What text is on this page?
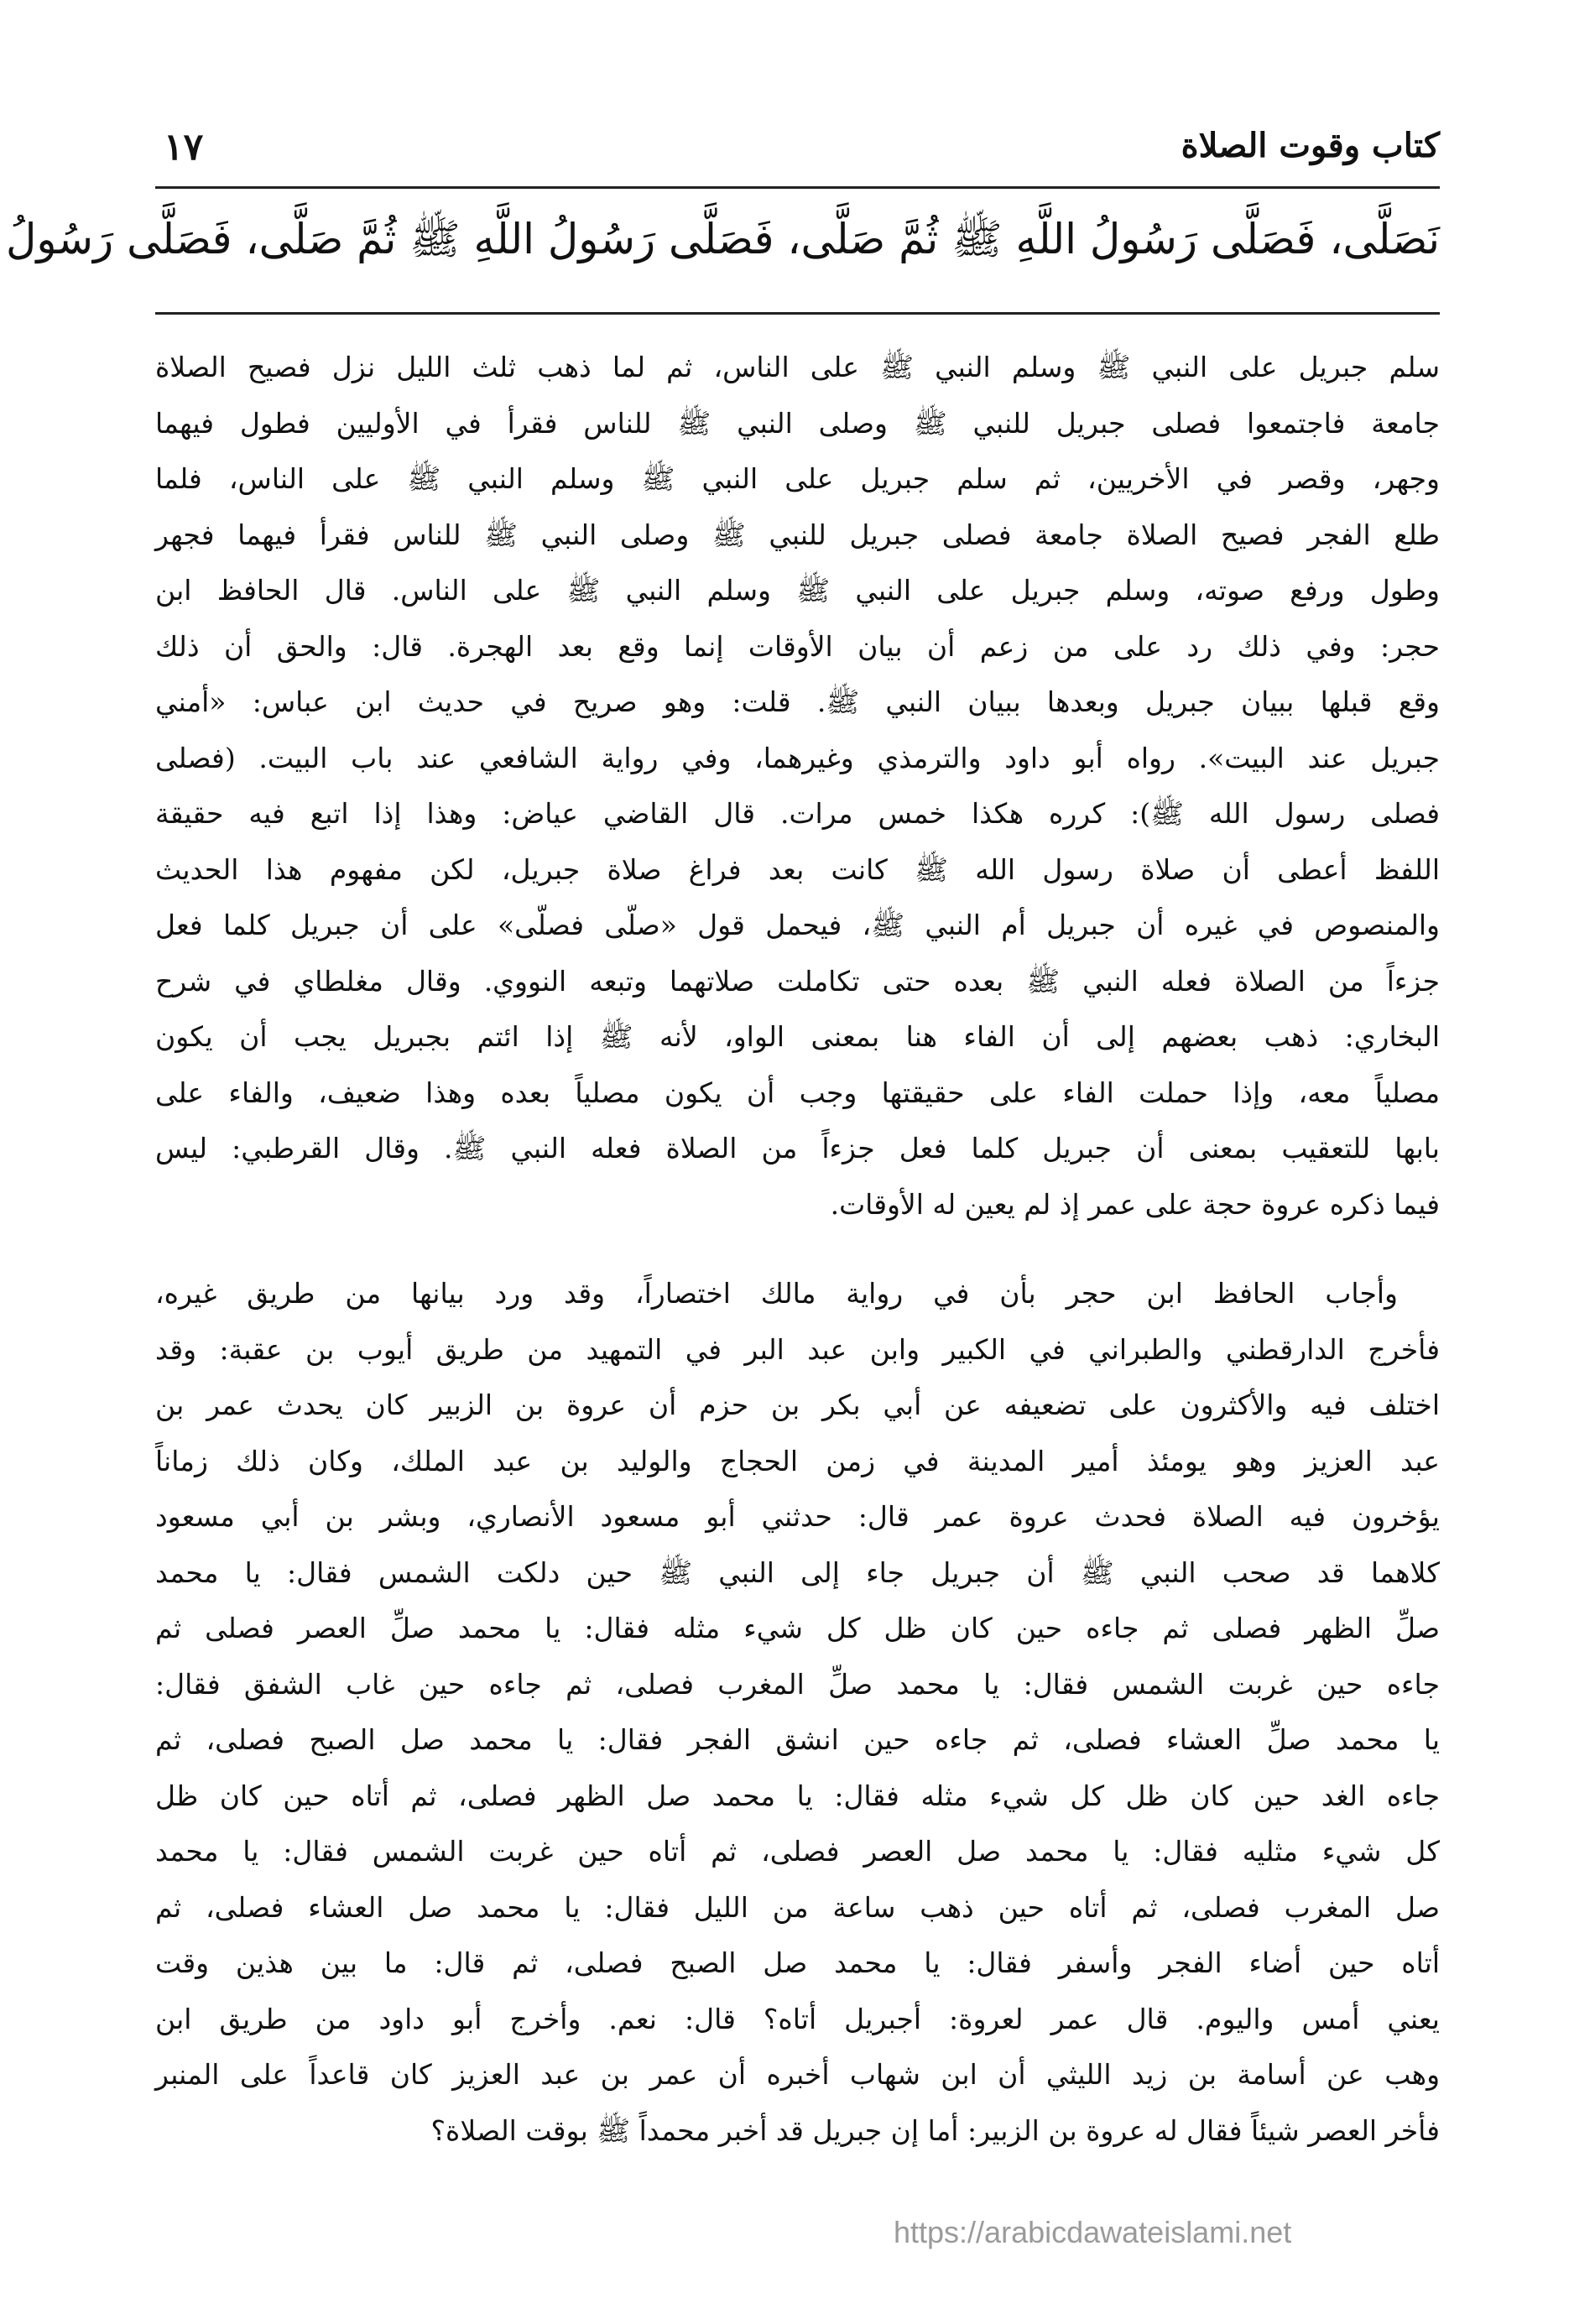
كتاب وقوت الصلاة
١٧
نَصَلَّى، فَصَلَّى رَسُولُ اللَّهِ ﷺ ثُمَّ صَلَّى، فَصَلَّى رَسُولُ اللَّهِ ﷺ ثُمَّ صَلَّى، فَصَلَّى رَسُولُ
سلم جبريل على النبي ﷺ وسلم النبي ﷺ على الناس، ثم لما ذهب ثلث الليل نزل فصيح الصلاة
جامعة فاجتمعوا فصلى جبريل للنبي ﷺ وصلى النبي ﷺ للناس فقرأ في الأوليين فطول فيهما
وجهر، وقصر في الأخريين، ثم سلم جبريل على النبي ﷺ وسلم النبي ﷺ على الناس، فلما
طلع الفجر فصيح الصلاة جامعة فصلى جبريل للنبي ﷺ وصلى النبي ﷺ للناس فقرأ فيهما فجهر
وطول ورفع صوته، وسلم جبريل على النبي ﷺ وسلم النبي ﷺ على الناس. قال الحافظ ابن
حجر: وفي ذلك رد على من زعم أن بيان الأوقات إنما وقع بعد الهجرة. قال: والحق أن ذلك
وقع قبلها ببيان جبريل وبعدها ببيان النبي ﷺ. قلت: وهو صريح في حديث ابن عباس: «أمني
جبريل عند البيت». رواه أبو داود والترمذي وغيرهما، وفي رواية الشافعي عند باب البيت. (فصلى
فصلى رسول الله ﷺ): كرره هكذا خمس مرات. قال القاضي عياض: وهذا إذا اتبع فيه حقيقة
اللفظ أعطى أن صلاة رسول الله ﷺ كانت بعد فراغ صلاة جبريل، لكن مفهوم هذا الحديث
والمنصوص في غيره أن جبريل أم النبي ﷺ، فيحمل قول «صلّى فصلّى» على أن جبريل كلما فعل
جزءاً من الصلاة فعله النبي ﷺ بعده حتى تكاملت صلاتهما وتبعه النووي. وقال مغلطاي في شرح
البخاري: ذهب بعضهم إلى أن الفاء هنا بمعنى الواو، لأنه ﷺ إذا ائتم بجبريل يجب أن يكون
مصلياً معه، وإذا حملت الفاء على حقيقتها وجب أن يكون مصلياً بعده وهذا ضعيف، والفاء على
بابها للتعقيب بمعنى أن جبريل كلما فعل جزءاً من الصلاة فعله النبي ﷺ. وقال القرطبي: ليس
فيما ذكره عروة حجة على عمر إذ لم يعين له الأوقات.
وأجاب الحافظ ابن حجر بأن في رواية مالك اختصاراً، وقد ورد بيانها من طريق غيره،
فأخرج الدارقطني والطبراني في الكبير وابن عبد البر في التمهيد من طريق أيوب بن عقبة: وقد
اختلف فيه والأكثرون على تضعيفه عن أبي بكر بن حزم أن عروة بن الزبير كان يحدث عمر بن
عبد العزيز وهو يومئذ أمير المدينة في زمن الحجاج والوليد بن عبد الملك، وكان ذلك زماناً
يؤخرون فيه الصلاة فحدث عروة عمر قال: حدثني أبو مسعود الأنصاري، وبشر بن أبي مسعود
كلاهما قد صحب النبي ﷺ أن جبريل جاء إلى النبي ﷺ حين دلكت الشمس فقال: يا محمد
صلِّ الظهر فصلى ثم جاءه حين كان ظل كل شيء مثله فقال: يا محمد صلِّ العصر فصلى ثم
جاءه حين غربت الشمس فقال: يا محمد صلِّ المغرب فصلى، ثم جاءه حين غاب الشفق فقال:
يا محمد صلِّ العشاء فصلى، ثم جاءه حين انشق الفجر فقال: يا محمد صل الصبح فصلى، ثم
جاءه الغد حين كان ظل كل شيء مثله فقال: يا محمد صل الظهر فصلى، ثم أتاه حين كان ظل
كل شيء مثليه فقال: يا محمد صل العصر فصلى، ثم أتاه حين غربت الشمس فقال: يا محمد
صل المغرب فصلى، ثم أتاه حين ذهب ساعة من الليل فقال: يا محمد صل العشاء فصلى، ثم
أتاه حين أضاء الفجر وأسفر فقال: يا محمد صل الصبح فصلى، ثم قال: ما بين هذين وقت
يعني أمس واليوم. قال عمر لعروة: أجبريل أتاه؟ قال: نعم. وأخرج أبو داود من طريق ابن
وهب عن أسامة بن زيد الليثي أن ابن شهاب أخبره أن عمر بن عبد العزيز كان قاعداً على المنبر
فأخر العصر شيئاً فقال له عروة بن الزبير: أما إن جبريل قد أخبر محمداً ﷺ بوقت الصلاة؟
https://arabicdawateislami.net
